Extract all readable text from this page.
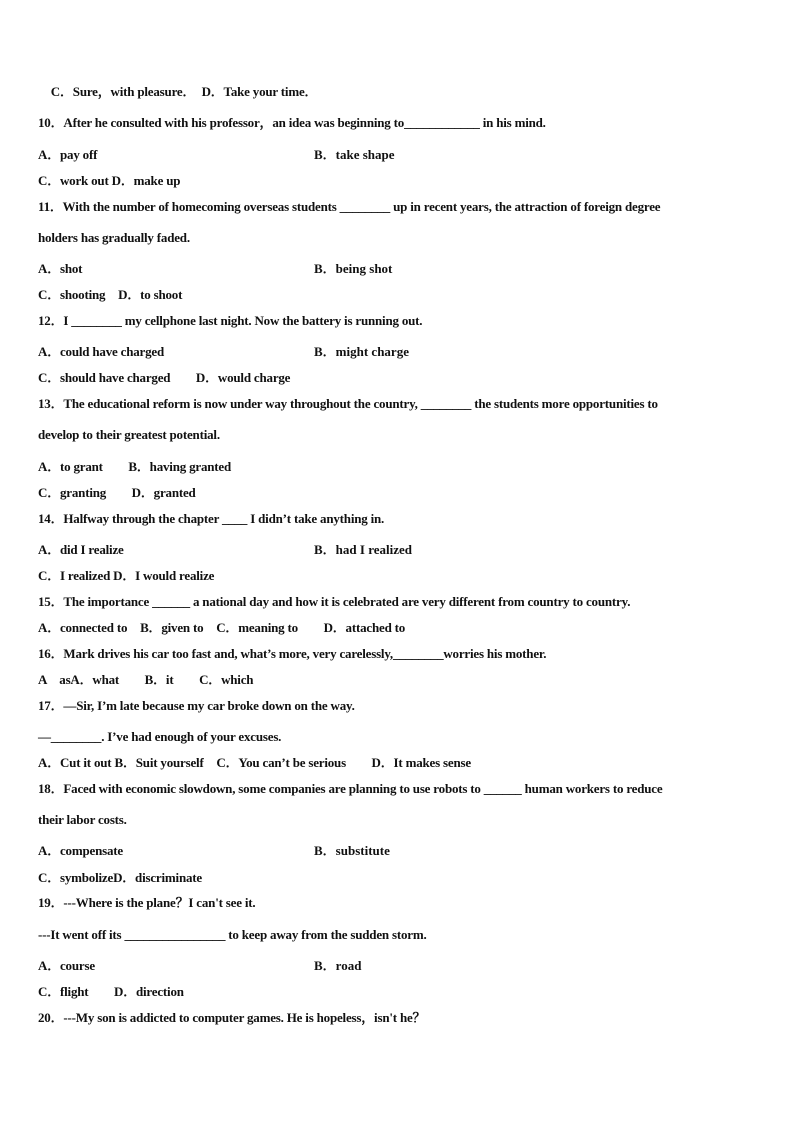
　C．Sure，with pleasure．　D．Take your time．
10．After he consulted with his professor，an idea was beginning to____________ in his mind.
A．pay off	B．take shape
C．work out D．make up
11．With the number of homecoming overseas students ________ up in recent years, the attraction of foreign degree
holders has gradually faded.
A．shot	B．being shot
C．shooting　D．to shoot
12．I ________ my cellphone last night. Now the battery is running out.
A．could have charged	B．might charge
C．should have charged　　D．would charge
13．The educational reform is now under way throughout the country, ________ the students more opportunities to
develop to their greatest potential.
A．to grant　　B．having granted
C．granting　　D．granted
14．Halfway through the chapter ____ I didn’t take anything in.
A．did I realize	B．had I realized
C．I realized D．I would realize
15．The importance ______ a national day and how it is celebrated are very different from country to country.
A．connected to　B．given to　C．meaning to　　D．attached to
16．Mark drives his car too fast and, what’s more, very carelessly,________worries his mother.
A　asA．what　　B．it　　C．which
17．—Sir, I’m late because my car broke down on the way.
—________. I’ve had enough of your excuses.
A．Cut it out B．Suit yourself　C．You can’t be serious　　D．It makes sense
18．Faced with economic slowdown, some companies are planning to use robots to ______ human workers to reduce
their labor costs.
A．compensate	B．substitute
C．symbolizeD．discriminate
19．---Where is the plane？I can't see it.
---It went off its ________________ to keep away from the sudden storm.
A．course	B．road
C．flight　　D．direction
20．---My son is addicted to computer games. He is hopeless，isn't he？
